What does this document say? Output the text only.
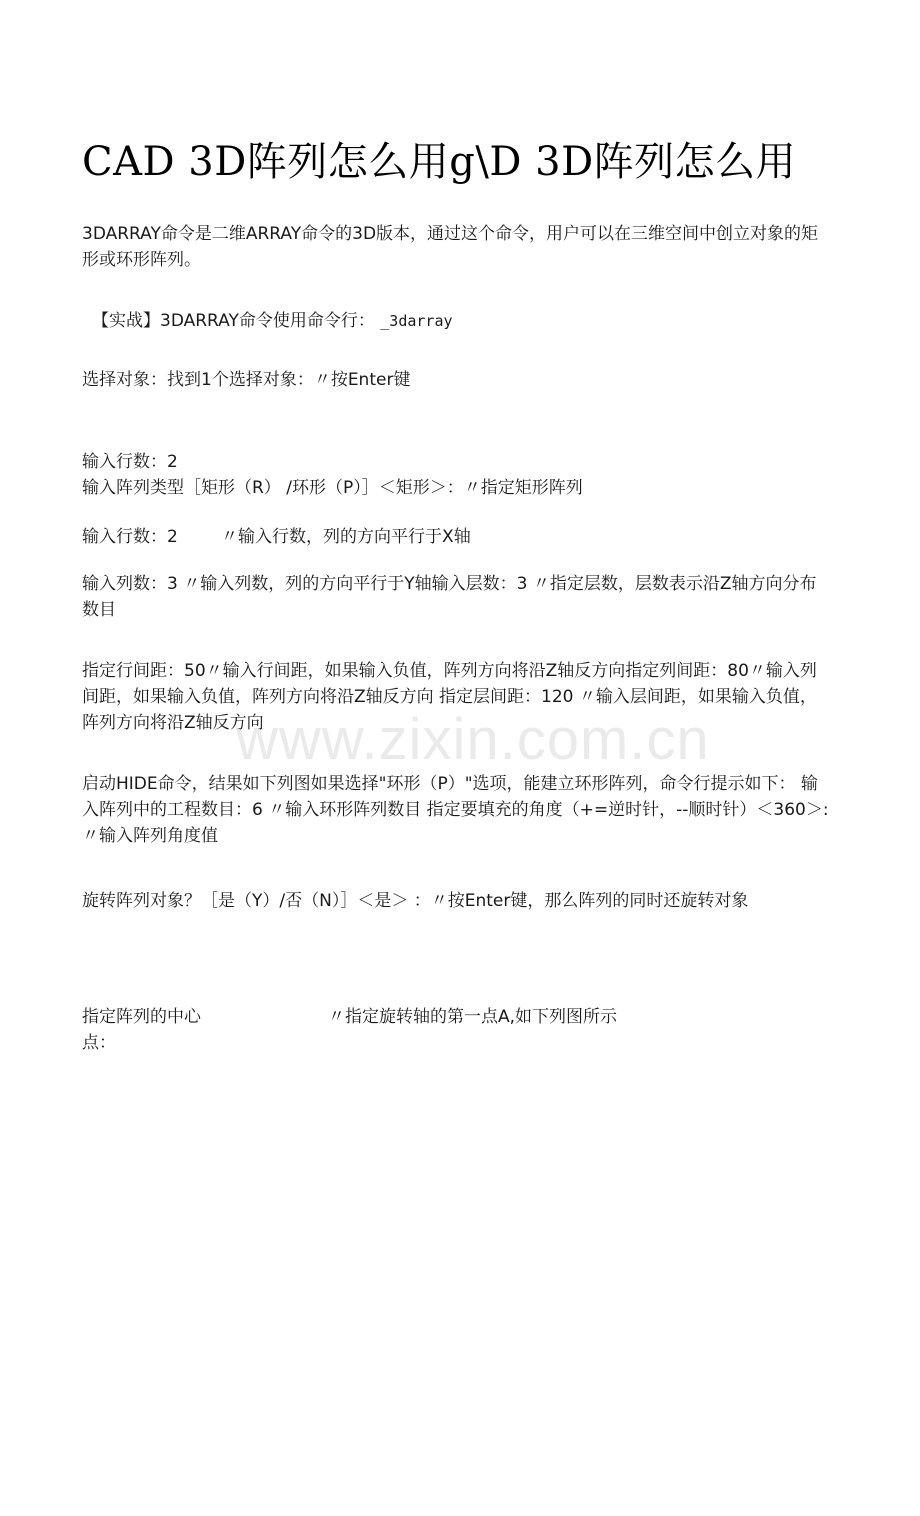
CAD 3D阵列怎么用g\D 3D阵列怎么用

3DARRAY命令是二维ARRAY命令的3D版本，通过这个命令，用户可以在三维空间中创立对象的矩形或环形阵列。

【实战】3DARRAY命令使用命令行： _3darray

选择对象：找到1个选择对象：〃按Enter键

输入行数：2

输入阵列类型［矩形（R） /环形（P）］＜矩形＞：〃指定矩形阵列

输入行数：2        〃输入行数，列的方向平行于X轴

输入列数：3 〃输入列数，列的方向平行于Y轴输入层数：3 〃指定层数，层数表示沿Z轴方向分布数目

指定行间距：50〃输入行间距，如果输入负值，阵列方向将沿Z轴反方向指定列间距：80〃输入列间距，如果输入负值，阵列方向将沿Z轴反方向 指定层间距：120 〃输入层间距，如果输入负值，阵列方向将沿Z轴反方向

www.zixin.com.cn

启动HIDE命令，结果如下列图如果选择"环形（P）"选项，能建立环形阵列，命令行提示如下： 输入阵列中的工程数目：6 〃输入环形阵列数目 指定要填充的角度（+=逆时针，--顺时针）＜360＞: 〃输入阵列角度值

旋转阵列对象？［是（Y）/否（N）］＜是＞ ：〃按Enter键，那么阵列的同时还旋转对象

指定阵列的中心点：
〃指定旋转轴的第一点A,如下列图所示
